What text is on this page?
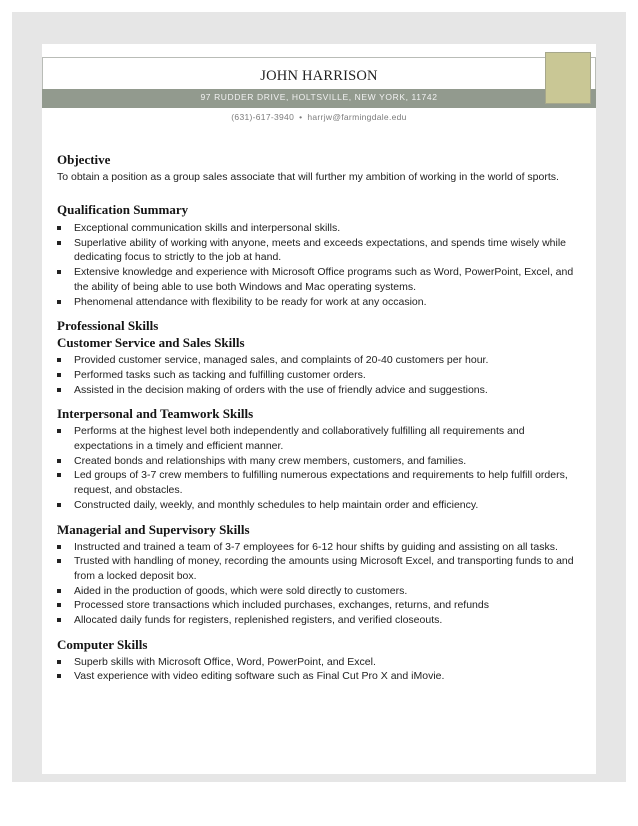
JOHN HARRISON
97 RUDDER DRIVE, HOLTSVILLE, NEW YORK, 11742
(631)-617-3940 • harrjw@farmingdale.edu
Objective

To obtain a position as a group sales associate that will further my ambition of working in the world of sports.

Qualification Summary
Exceptional communication skills and interpersonal skills.
Superlative ability of working with anyone, meets and exceeds expectations, and spends time wisely while dedicating focus to strictly to the job at hand.
Extensive knowledge and experience with Microsoft Office programs such as Word, PowerPoint, Excel, and the ability of being able to use both Windows and Mac operating systems.
Phenomenal attendance with flexibility to be ready for work at any occasion.
Professional Skills
Customer Service and Sales Skills
Provided customer service, managed sales, and complaints of 20-40 customers per hour.
Performed tasks such as tacking and fulfilling customer orders.
Assisted in the decision making of orders with the use of friendly advice and suggestions.
Interpersonal and Teamwork Skills
Performs at the highest level both independently and collaboratively fulfilling all requirements and expectations in a timely and efficient manner.
Created bonds and relationships with many crew members, customers, and families.
Led groups of 3-7 crew members to fulfilling numerous expectations and requirements to help fulfill orders, request, and obstacles.
Constructed daily, weekly, and monthly schedules to help maintain order and efficiency.
Managerial and Supervisory Skills
Instructed and trained a team of 3-7 employees for 6-12 hour shifts by guiding and assisting on all tasks.
Trusted with handling of money, recording the amounts using Microsoft Excel, and transporting funds to and from a locked deposit box.
Aided in the production of goods, which were sold directly to customers.
Processed store transactions which included purchases, exchanges, returns, and refunds
Allocated daily funds for registers, replenished registers, and verified closeouts.
Computer Skills
Superb skills with Microsoft Office, Word, PowerPoint, and Excel.
Vast experience with video editing software such as Final Cut Pro X and iMovie.
